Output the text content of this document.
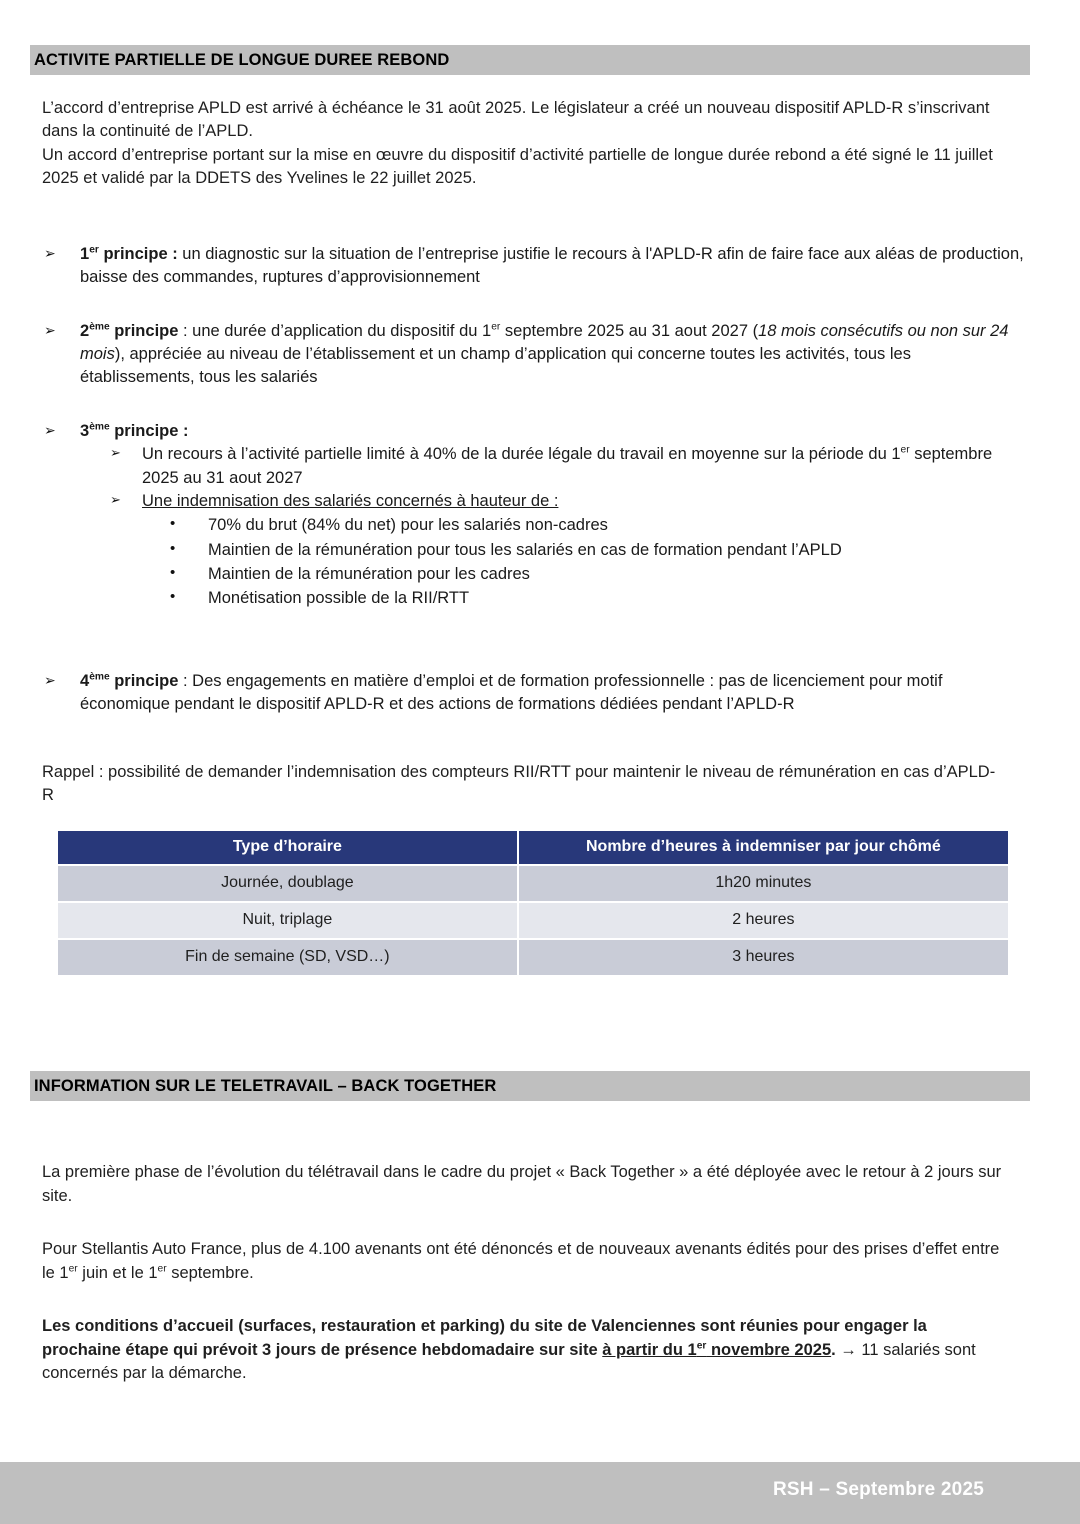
ACTIVITE PARTIELLE DE LONGUE DUREE REBOND
L’accord d’entreprise APLD est arrivé à échéance le 31 août 2025. Le législateur a créé un nouveau dispositif APLD-R s’inscrivant dans la continuité de l’APLD.
Un accord d’entreprise portant sur la mise en œuvre du dispositif d’activité partielle de longue durée rebond a été signé le 11 juillet 2025 et validé par la DDETS des Yvelines le 22 juillet 2025.
➢	1er principe : un diagnostic sur la situation de l’entreprise justifie le recours à l'APLD-R afin de faire face aux aléas de production, baisse des commandes, ruptures d’approvisionnement
➢	2ème principe : une durée d’application du dispositif du 1er septembre 2025 au 31 aout 2027 (18 mois consécutifs ou non sur 24 mois), appréciée au niveau de l’établissement et un champ d’application qui concerne toutes les activités, tous les établissements, tous les salariés
➢	3ème principe :
➢	Un recours à l’activité partielle limité à 40% de la durée légale du travail en moyenne sur la période du 1er septembre 2025 au 31 aout 2027
➢	Une indemnisation des salariés concernés à hauteur de :
•	70% du brut (84% du net) pour les salariés non-cadres
•	Maintien de la rémunération pour tous les salariés en cas de formation pendant l’APLD
•	Maintien de la rémunération pour les cadres
•	Monétisation possible de la RII/RTT
➢	4ème principe : Des engagements en matière d’emploi et de formation professionnelle : pas de licenciement pour motif économique pendant le dispositif APLD-R et des actions de formations dédiées pendant l’APLD-R
Rappel : possibilité de demander l’indemnisation des compteurs RII/RTT pour maintenir le niveau de rémunération en cas d’APLD-R
Type d’horaire	Nombre d’heures à indemniser par jour chômé
Journée, doublage	1h20 minutes
Nuit, triplage	2 heures
Fin de semaine (SD, VSD…)	3 heures
INFORMATION SUR LE TELETRAVAIL – BACK TOGETHER
La première phase de l’évolution du télétravail dans le cadre du projet « Back Together » a été déployée avec le retour à 2 jours sur site.
Pour Stellantis Auto France, plus de 4.100 avenants ont été dénoncés et de nouveaux avenants édités pour des prises d’effet entre le 1er juin et le 1er septembre.
Les conditions d’accueil (surfaces, restauration et parking) du site de Valenciennes sont réunies pour engager la prochaine étape qui prévoit 3 jours de présence hebdomadaire sur site à partir du 1er novembre 2025. → 11 salariés sont concernés par la démarche.
RSH – Septembre 2025
